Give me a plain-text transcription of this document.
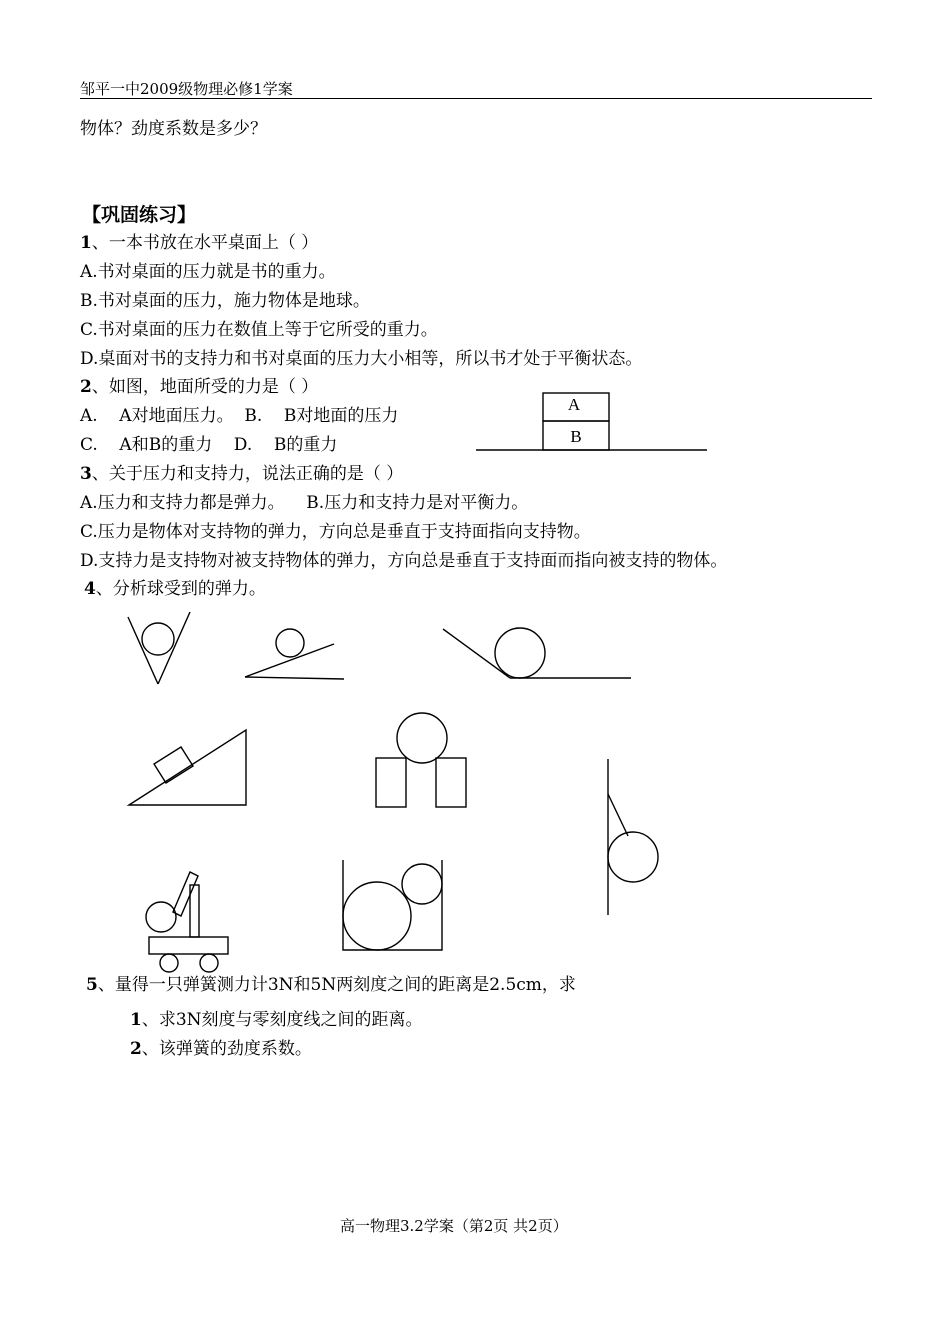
邹平一中2009级物理必修1学案
物体？劲度系数是多少？
【巩固练习】
1、一本书放在水平桌面上（ ）
A.书对桌面的压力就是书的重力。
B.书对桌面的压力，施力物体是地球。
C.书对桌面的压力在数值上等于它所受的重力。
D.桌面对书的支持力和书对桌面的压力大小相等，所以书才处于平衡状态。
2、如图，地面所受的力是（ ）
A.    A对地面压力。  B.    B对地面的压力
C.    A和B的重力    D.    B的重力
3、关于压力和支持力，说法正确的是（ ）
A.压力和支持力都是弹力。    B.压力和支持力是对平衡力。
C.压力是物体对支持物的弹力，方向总是垂直于支持面指向支持物。
D.支持力是支持物对被支持物体的弹力，方向总是垂直于支持面而指向被支持的物体。
4、分析球受到的弹力。
5、量得一只弹簧测力计3N和5N两刻度之间的距离是2.5cm，求
1、求3N刻度与零刻度线之间的距离。
2、该弹簧的劲度系数。
高一物理3.2学案（第2页 共2页）
A
B
